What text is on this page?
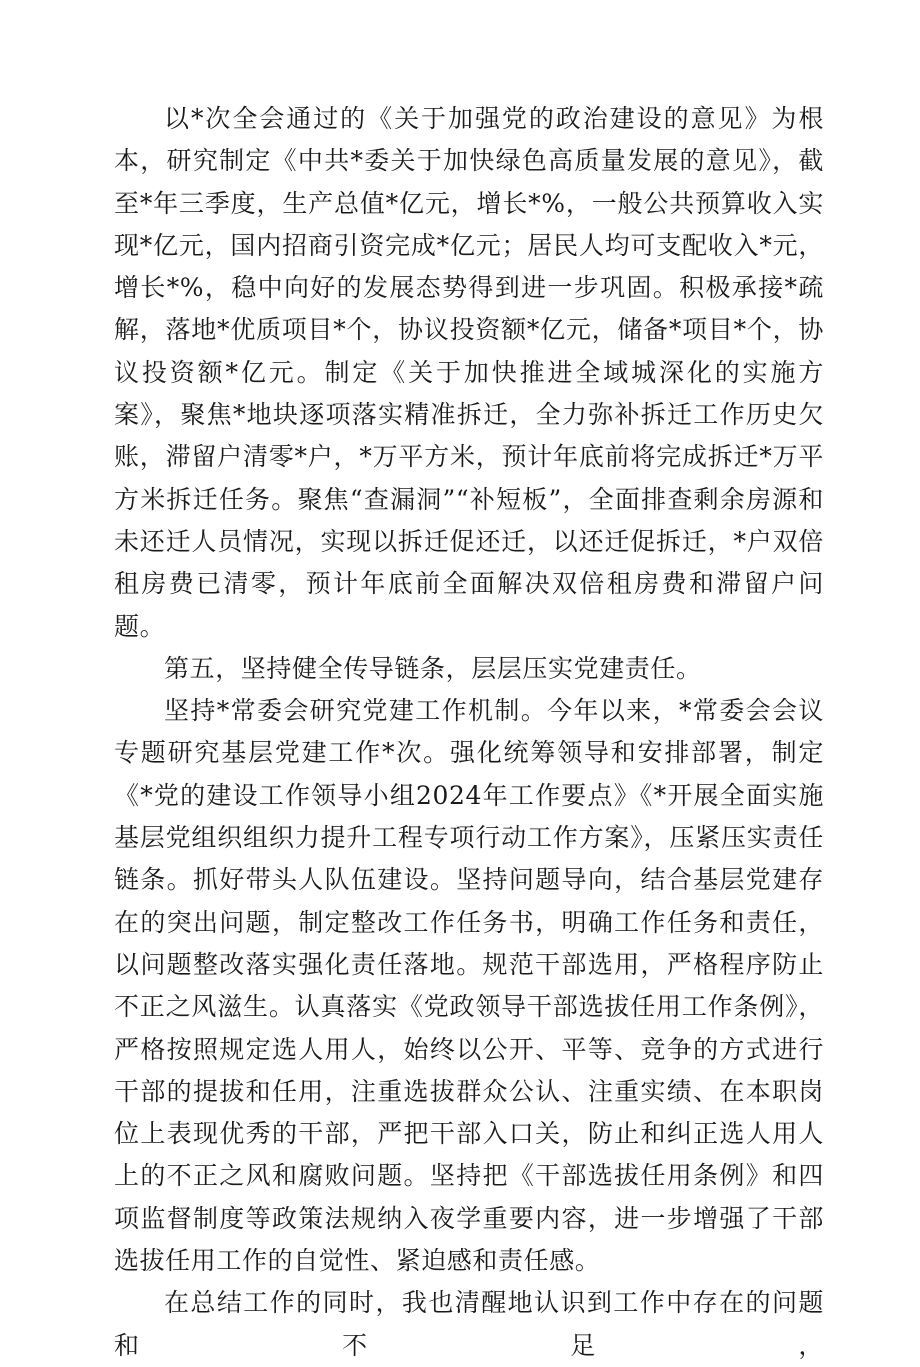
以*次全会通过的《关于加强党的政治建设的意见》为根本，研究制定《中共*委关于加快绿色高质量发展的意见》，截至*年三季度，生产总值*亿元，增长*%，一般公共预算收入实现*亿元，国内招商引资完成*亿元；居民人均可支配收入*元，增长*%，稳中向好的发展态势得到进一步巩固。积极承接*疏解，落地*优质项目*个，协议投资额*亿元，储备*项目*个，协议投资额*亿元。制定《关于加快推进全域城深化的实施方案》，聚焦*地块逐项落实精准拆迁，全力弥补拆迁工作历史欠账，滞留户清零*户，*万平方米，预计年底前将完成拆迁*万平方米拆迁任务。聚焦“查漏洞”“补短板”，全面排查剩余房源和未还迁人员情况，实现以拆迁促还迁，以还迁促拆迁，*户双倍租房费已清零，预计年底前全面解决双倍租房费和滞留户问题。

第五，坚持健全传导链条，层层压实党建责任。

坚持*常委会研究党建工作机制。今年以来，*常委会会议专题研究基层党建工作*次。强化统筹领导和安排部署，制定《*党的建设工作领导小组2024年工作要点》《*开展全面实施基层党组织组织力提升工程专项行动工作方案》，压紧压实责任链条。抓好带头人队伍建设。坚持问题导向，结合基层党建存在的突出问题，制定整改工作任务书，明确工作任务和责任，以问题整改落实强化责任落地。规范干部选用，严格程序防止不正之风滋生。认真落实《党政领导干部选拔任用工作条例》，严格按照规定选人用人，始终以公开、平等、竞争的方式进行干部的提拔和任用，注重选拔群众公认、注重实绩、在本职岗位上表现优秀的干部，严把干部入口关，防止和纠正选人用人上的不正之风和腐败问题。坚持把《干部选拔任用条例》和四项监督制度等政策法规纳入夜学重要内容，进一步增强了干部选拔任用工作的自觉性、紧迫感和责任感。

在总结工作的同时，我也清醒地认识到工作中存在的问题和不足，
